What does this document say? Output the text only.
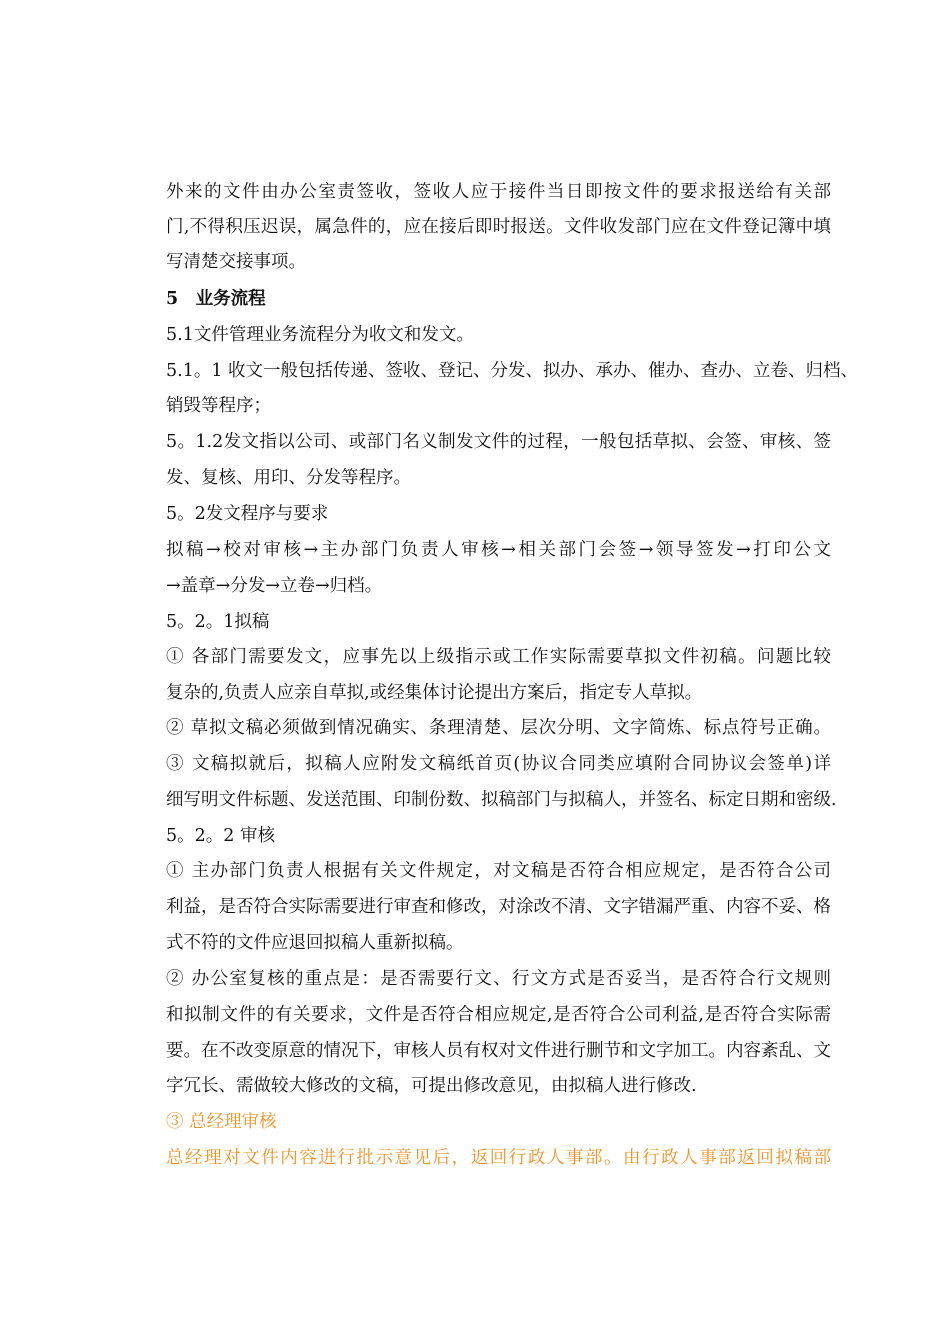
外来的文件由办公室责签收，签收人应于接件当日即按文件的要求报送给有关部
门,不得积压迟误，属急件的，应在接后即时报送。文件收发部门应在文件登记簿中填
写清楚交接事项。
5　业务流程
5.1文件管理业务流程分为收文和发文。
5.1。1 收文一般包括传递、签收、登记、分发、拟办、承办、催办、查办、立卷、归档、
销毁等程序；
5。1.2发文指以公司、或部门名义制发文件的过程，一般包括草拟、会签、审核、签
发、复核、用印、分发等程序。
5。2发文程序与要求
拟稿→校对审核→主办部门负责人审核→相关部门会签→领导签发→打印公文
→盖章→分发→立卷→归档。
5。2。1拟稿
① 各部门需要发文，应事先以上级指示或工作实际需要草拟文件初稿。问题比较
复杂的,负责人应亲自草拟,或经集体讨论提出方案后，指定专人草拟。
② 草拟文稿必须做到情况确实、条理清楚、层次分明、文字简炼、标点符号正确。
③ 文稿拟就后，拟稿人应附发文稿纸首页(协议合同类应填附合同协议会签单)详
细写明文件标题、发送范围、印制份数、拟稿部门与拟稿人，并签名、标定日期和密级.
5。2。2 审核
① 主办部门负责人根据有关文件规定，对文稿是否符合相应规定，是否符合公司
利益，是否符合实际需要进行审查和修改，对涂改不清、文字错漏严重、内容不妥、格
式不符的文件应退回拟稿人重新拟稿。
② 办公室复核的重点是：是否需要行文、行文方式是否妥当，是否符合行文规则
和拟制文件的有关要求，文件是否符合相应规定,是否符合公司利益,是否符合实际需
要。在不改变原意的情况下，审核人员有权对文件进行删节和文字加工。内容紊乱、文
字冗长、需做较大修改的文稿，可提出修改意见，由拟稿人进行修改.
③ 总经理审核
总经理对文件内容进行批示意见后，返回行政人事部。由行政人事部返回拟稿部
